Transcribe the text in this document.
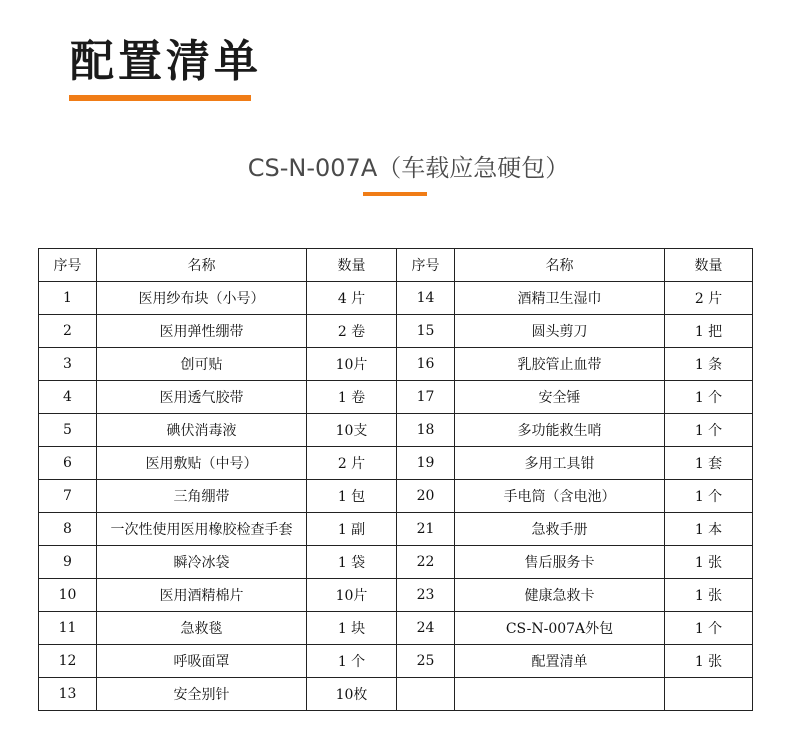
配置清单
CS-N-007A（车载应急硬包）
序号	名称	数量	序号	名称	数量
1	医用纱布块（小号）	4 片	14	酒精卫生湿巾	2 片
2	医用弹性绷带	2 卷	15	圆头剪刀	1 把
3	创可贴	10片	16	乳胶管止血带	1 条
4	医用透气胶带	1 卷	17	安全锤	1 个
5	碘伏消毒液	10支	18	多功能救生哨	1 个
6	医用敷贴（中号）	2 片	19	多用工具钳	1 套
7	三角绷带	1 包	20	手电筒（含电池）	1 个
8	一次性使用医用橡胶检查手套	1 副	21	急救手册	1 本
9	瞬冷冰袋	1 袋	22	售后服务卡	1 张
10	医用酒精棉片	10片	23	健康急救卡	1 张
11	急救毯	1 块	24	CS-N-007A外包	1 个
12	呼吸面罩	1 个	25	配置清单	1 张
13	安全别针	10枚			
